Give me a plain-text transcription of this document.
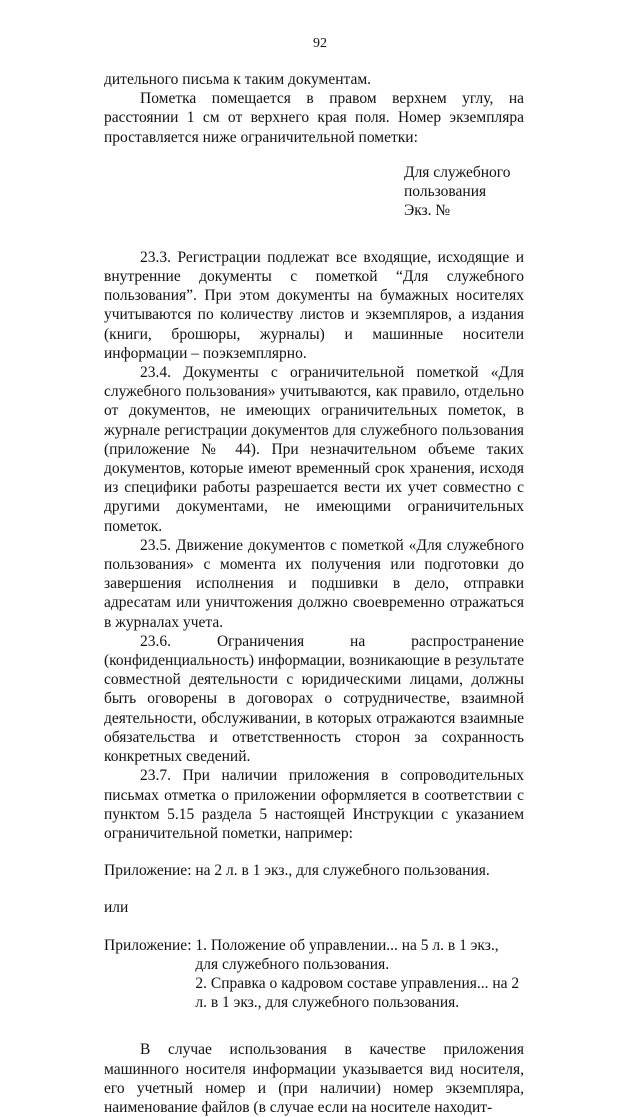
92

дительного письма к таким документам.

Пометка помещается в правом верхнем углу, на расстоянии 1 см от верхнего края поля. Номер экземпляра проставляется ниже ограничительной пометки:

Для служебного пользования
Экз. №

23.3. Регистрации подлежат все входящие, исходящие и внутренние документы с пометкой “Для служебного пользования”. При этом документы на бумажных носителях учитываются по количеству листов и экземпляров, а издания (книги, брошюры, журналы) и машинные носители информации – поэкземплярно.

23.4. Документы с ограничительной пометкой «Для служебного пользования» учитываются, как правило, отдельно от документов, не имеющих ограничительных пометок, в журнале регистрации документов для служебного пользования (приложение № 44). При незначительном объеме таких документов, которые имеют временный срок хранения, исходя из специфики работы разрешается вести их учет совместно с другими документами, не имеющими ограничительных пометок.

23.5. Движение документов с пометкой «Для служебного пользования» с момента их получения или подготовки до завершения исполнения и подшивки в дело, отправки адресатам или уничтожения должно своевременно отражаться в журналах учета.

23.6. Ограничения на распространение (конфиденциальность) информации, возникающие в результате совместной деятельности с юридическими лицами, должны быть оговорены в договорах о сотрудничестве, взаимной деятельности, обслуживании, в которых отражаются взаимные обязательства и ответственность сторон за сохранность конкретных сведений.

23.7. При наличии приложения в сопроводительных письмах отметка о приложении оформляется в соответствии с пунктом 5.15 раздела 5 настоящей Инструкции с указанием ограничительной пометки, например:

Приложение: на 2 л. в 1 экз., для служебного пользования.

или

Приложение: 1. Положение об управлении... на 5 л. в 1 экз., для служебного пользования.
2. Справка о кадровом составе управления... на 2 л. в 1 экз., для служебного пользования.

В случае использования в качестве приложения машинного носителя информации указывается вид носителя, его учетный номер и (при наличии) номер экземпляра, наименование файлов (в случае если на носителе находит-
